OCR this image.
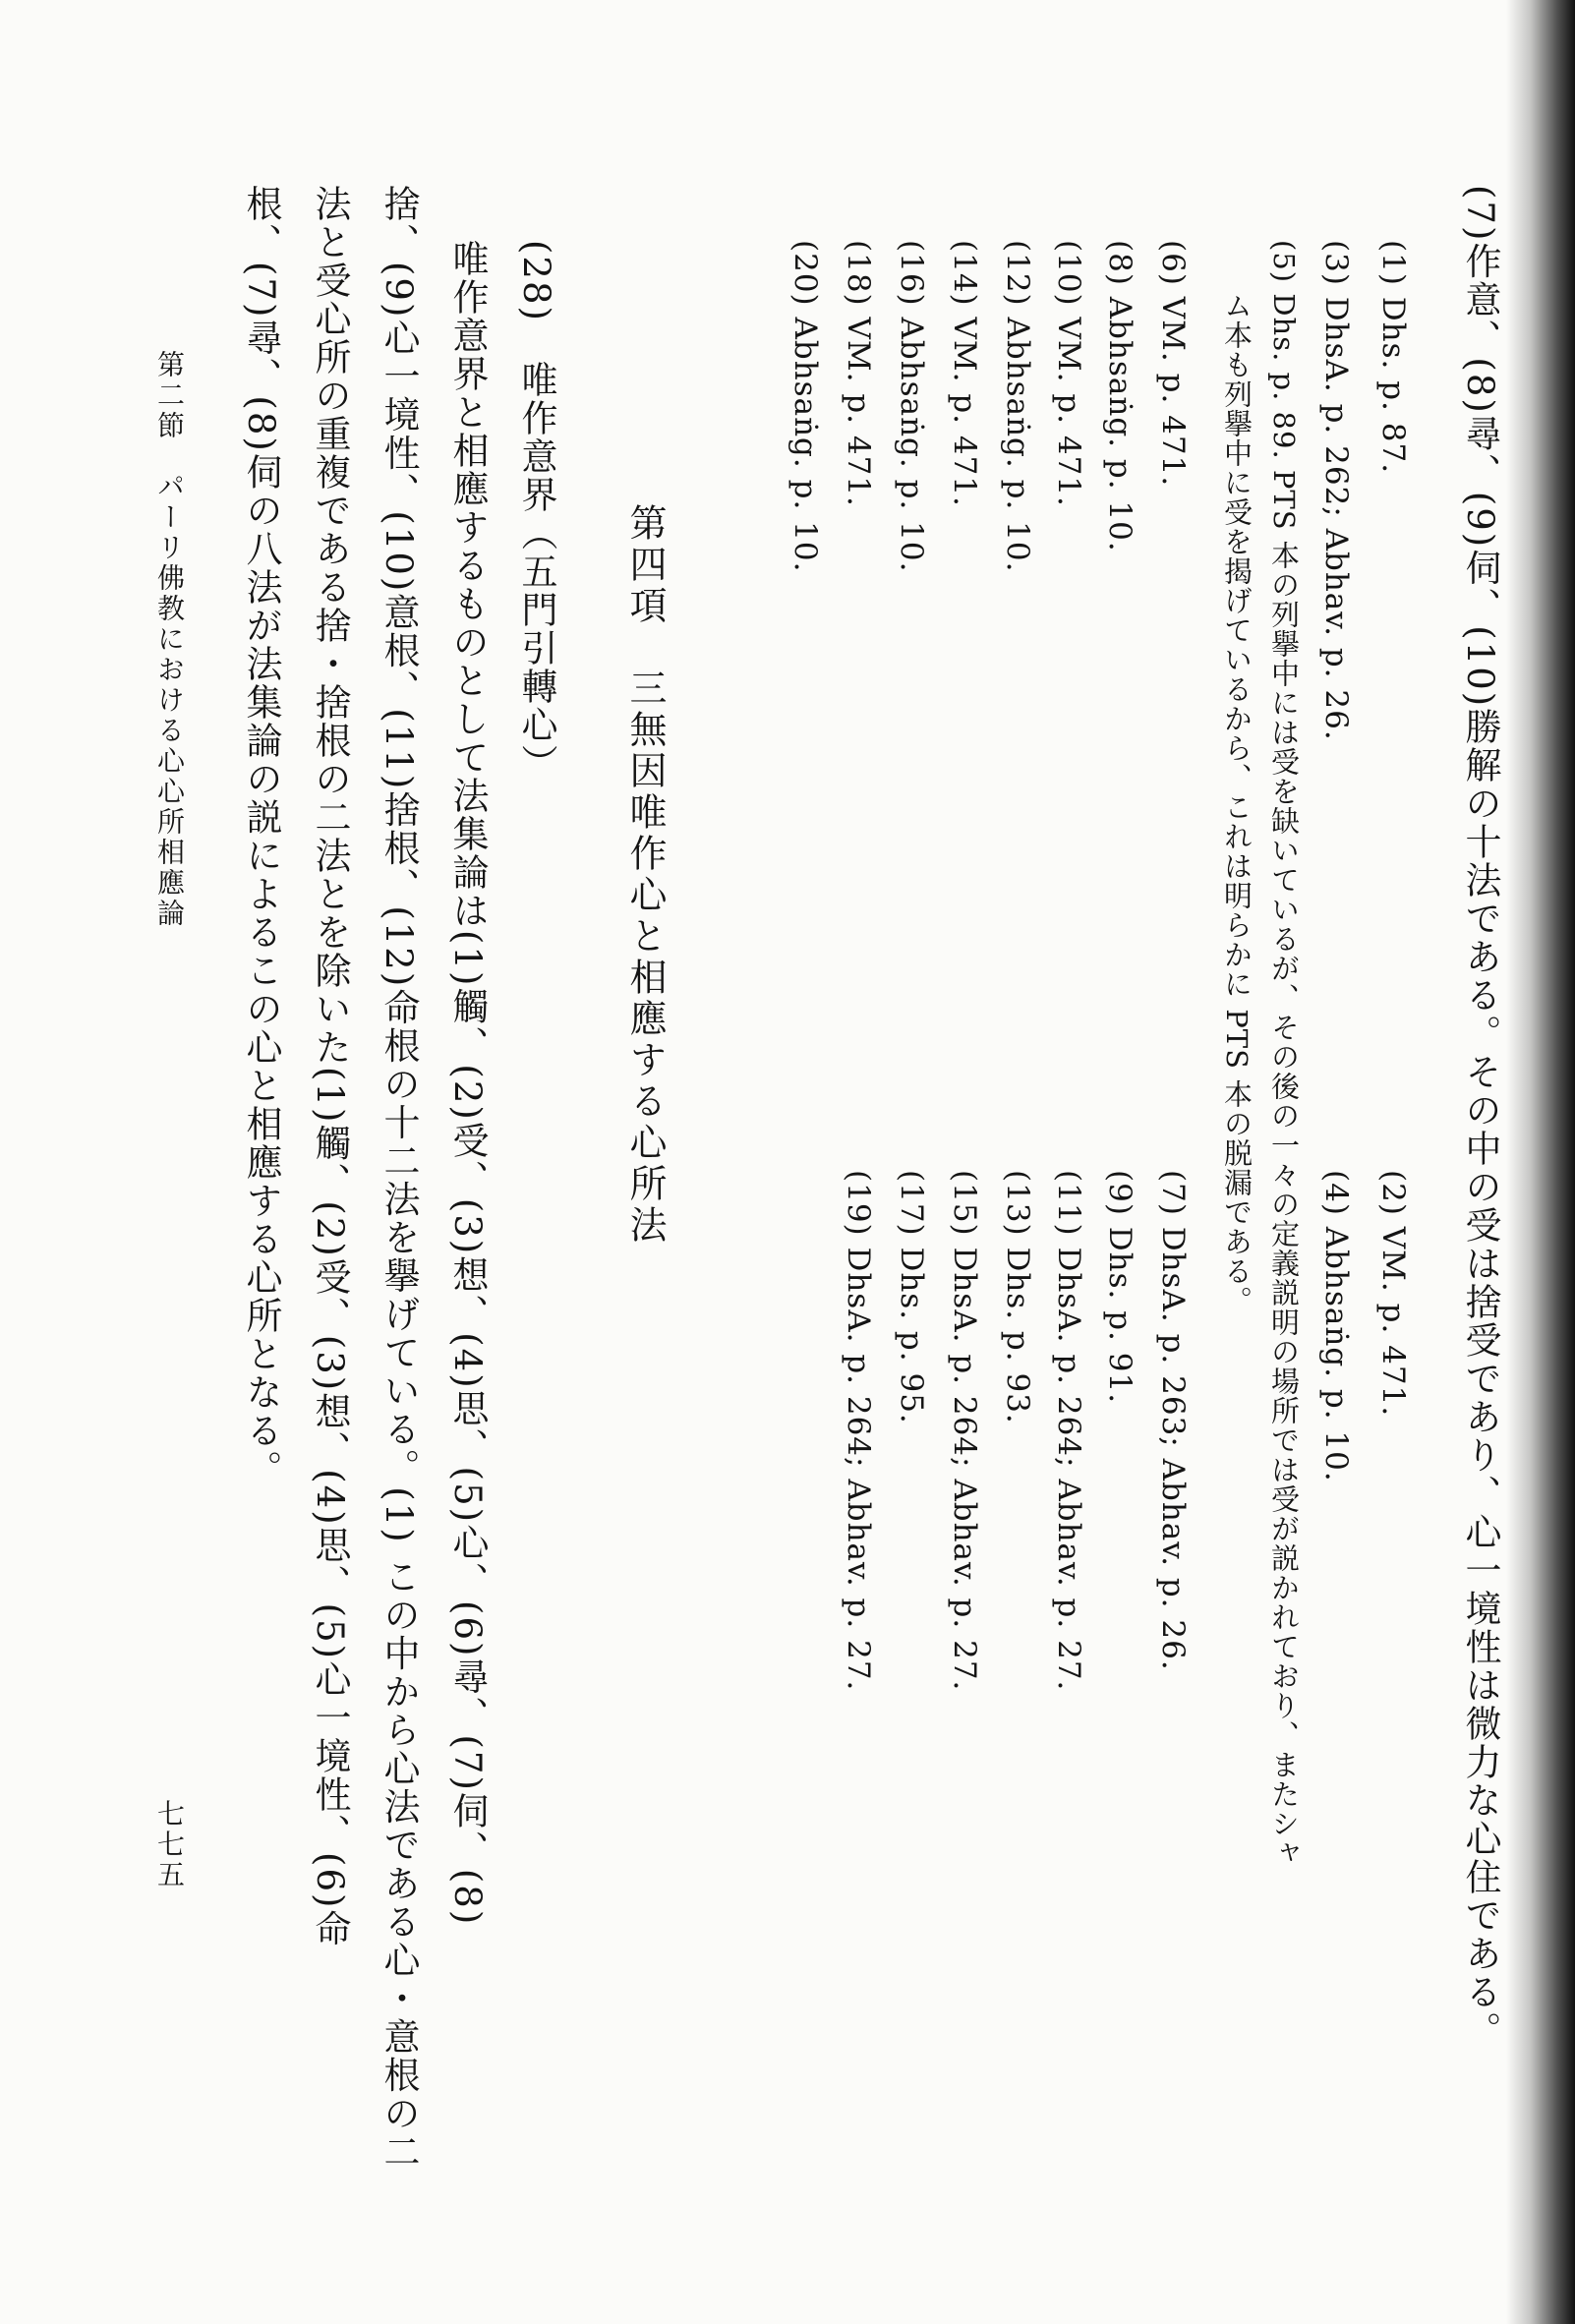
(7)作意、(8)尋、(9)伺、(10)勝解の十法である。その中の受は捨受であり、心一境性は微力な心住である。
(1) Dhs. p. 87.
(2) VM. p. 471.
(3) DhsA. p. 262; Abhav. p. 26.
(4) Abhsaṅg. p. 10.
(5) Dhs. p. 89. PTS 本の列擧中には受を缺いているが、その後の一々の定義説明の場所では受が説かれており、またシャ
ム本も列擧中に受を揭げているから、これは明らかに PTS 本の脱漏である。
(6) VM. p. 471.
(7) DhsA. p. 263; Abhav. p. 26.
(8) Abhsaṅg. p. 10.
(9) Dhs. p. 91.
(10) VM. p. 471.
(11) DhsA. p. 264; Abhav. p. 27.
(12) Abhsaṅg. p. 10.
(13) Dhs. p. 93.
(14) VM. p. 471.
(15) DhsA. p. 264; Abhav. p. 27.
(16) Abhsaṅg. p. 10.
(17) Dhs. p. 95.
(18) VM. p. 471.
(19) DhsA. p. 264; Abhav. p. 27.
(20) Abhsaṅg. p. 10.
第四項　三無因唯作心と相應する心所法
(28)　唯作意界（五門引轉心）
唯作意界と相應するものとして法集論は(1)觸、(2)受、(3)想、(4)思、(5)心、(6)尋、(7)伺、(8)
捨、(9)心一境性、(10)意根、(11)捨根、(12)命根の十二法を擧げている。(1) この中から心法である心・意根の二
法と受心所の重複である捨・捨根の二法とを除いた(1)觸、(2)受、(3)想、(4)思、(5)心一境性、(6)命
根、(7)尋、(8)伺の八法が法集論の説によるこの心と相應する心所となる。
第二節　パーリ佛教における心心所相應論
七七五
